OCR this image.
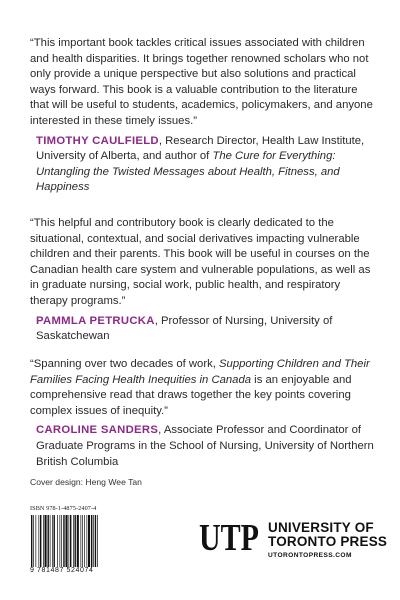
“This important book tackles critical issues associated with children and health disparities. It brings together renowned scholars who not only provide a unique perspective but also solutions and practical ways forward. This book is a valuable contribution to the literature that will be useful to students, academics, policymakers, and anyone interested in these timely issues.”

TIMOTHY CAULFIELD, Research Director, Health Law Institute, University of Alberta, and author of The Cure for Everything: Untangling the Twisted Messages about Health, Fitness, and Happiness

“This helpful and contributory book is clearly dedicated to the situational, contextual, and social derivatives impacting vulnerable children and their parents. This book will be useful in courses on the Canadian health care system and vulnerable populations, as well as in graduate nursing, social work, public health, and respiratory therapy programs.”

PAMMLA PETRUCKA, Professor of Nursing, University of Saskatchewan

“Spanning over two decades of work, Supporting Children and Their Families Facing Health Inequities in Canada is an enjoyable and comprehensive read that draws together the key points covering complex issues of inequity.”

CAROLINE SANDERS, Associate Professor and Coordinator of Graduate Programs in the School of Nursing, University of Northern British Columbia

Cover design: Heng Wee Tan
ISBN 978-1-4875-2407-4
9 781487 524074
UTP UNIVERSITY OF
TORONTO PRESS
UTORONTOPRESS.COM
